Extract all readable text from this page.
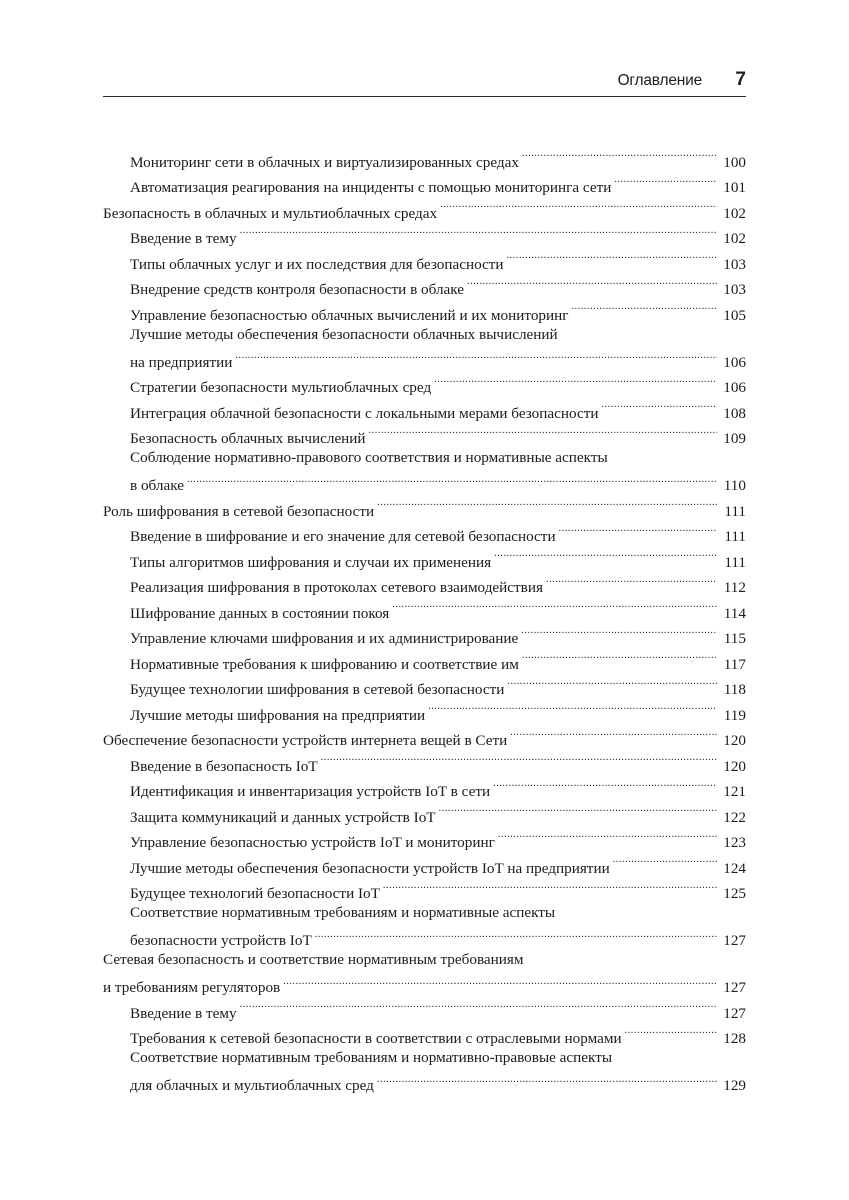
Оглавление 7
Мониторинг сети в облачных и виртуализированных средах .....	100
Автоматизация реагирования на инциденты с помощью мониторинга сети .....	101
Безопасность в облачных и мультиоблачных средах .....	102
Введение в тему .....	102
Типы облачных услуг и их последствия для безопасности .....	103
Внедрение средств контроля безопасности в облаке .....	103
Управление безопасностью облачных вычислений и их мониторинг .....	105
Лучшие методы обеспечения безопасности облачных вычислений
на предприятии .....	106
Стратегии безопасности мультиоблачных сред .....	106
Интеграция облачной безопасности с локальными мерами безопасности .....	108
Безопасность облачных вычислений .....	109
Соблюдение нормативно-правового соответствия и нормативные аспекты
в облаке .....	110
Роль шифрования в сетевой безопасности .....	111
Введение в шифрование и его значение для сетевой безопасности .....	111
Типы алгоритмов шифрования и случаи их применения .....	111
Реализация шифрования в протоколах сетевого взаимодействия .....	112
Шифрование данных в состоянии покоя .....	114
Управление ключами шифрования и их администрирование .....	115
Нормативные требования к шифрованию и соответствие им .....	117
Будущее технологии шифрования в сетевой безопасности .....	118
Лучшие методы шифрования на предприятии .....	119
Обеспечение безопасности устройств интернета вещей в Сети .....	120
Введение в безопасность IoT .....	120
Идентификация и инвентаризация устройств IoT в сети .....	121
Защита коммуникаций и данных устройств IoT .....	122
Управление безопасностью устройств IoT и мониторинг .....	123
Лучшие методы обеспечения безопасности устройств IoT на предприятии .....	124
Будущее технологий безопасности IoT .....	125
Соответствие нормативным требованиям и нормативные аспекты
безопасности устройств IoT .....	127
Сетевая безопасность и соответствие нормативным требованиям
и требованиям регуляторов .....	127
Введение в тему .....	127
Требования к сетевой безопасности в соответствии с отраслевыми нормами .....	128
Соответствие нормативным требованиям и нормативно-правовые аспекты
для облачных и мультиоблачных сред .....	129
